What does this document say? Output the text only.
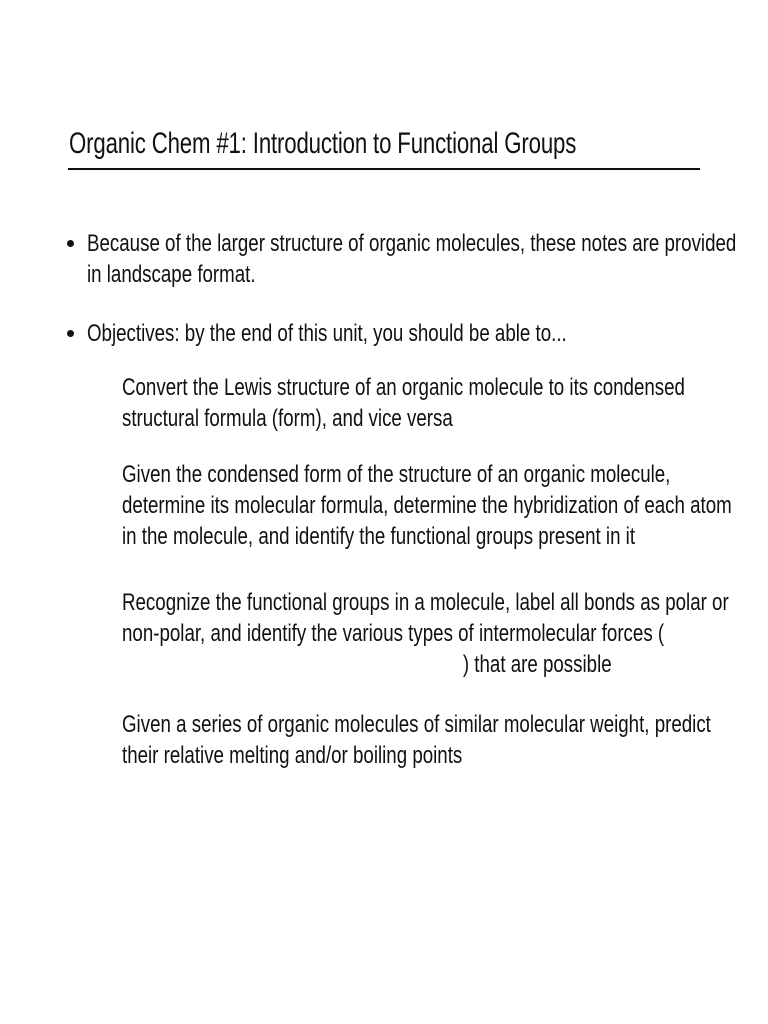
Organic Chem #1: Introduction to Functional Groups
Because of the larger structure of organic molecules, these notes are provided
in landscape format.
Objectives: by the end of this unit, you should be able to...
Convert the Lewis structure of an organic molecule to its condensed
structural formula (form), and vice versa
Given the condensed form of the structure of an organic molecule,
determine its molecular formula, determine the hybridization of each atom
in the molecule, and identify the functional groups present in it
Recognize the functional groups in a molecule, label all bonds as polar or
non-polar, and identify the various types of intermolecular forces (
) that are possible
Given a series of organic molecules of similar molecular weight, predict
their relative melting and/or boiling points
